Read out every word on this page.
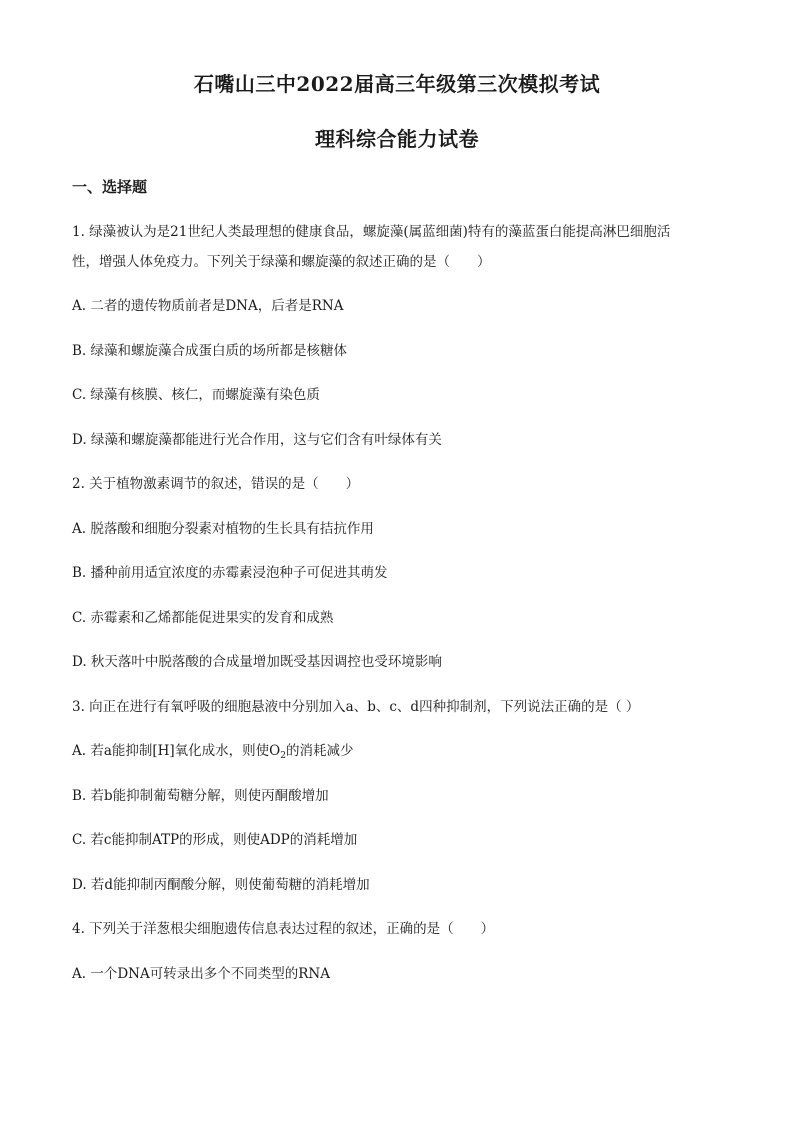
石嘴山三中2022届高三年级第三次模拟考试
理科综合能力试卷
一、选择题
1. 绿藻被认为是21世纪人类最理想的健康食品，螺旋藻(属蓝细菌)特有的藻蓝蛋白能提高淋巴细胞活
性，增强人体免疫力。下列关于绿藻和螺旋藻的叙述正确的是（　　）
A. 二者的遗传物质前者是DNA，后者是RNA
B. 绿藻和螺旋藻合成蛋白质的场所都是核糖体
C. 绿藻有核膜、核仁，而螺旋藻有染色质
D. 绿藻和螺旋藻都能进行光合作用，这与它们含有叶绿体有关
2. 关于植物激素调节的叙述，错误的是（　　）
A. 脱落酸和细胞分裂素对植物的生长具有拮抗作用
B. 播种前用适宜浓度的赤霉素浸泡种子可促进其萌发
C. 赤霉素和乙烯都能促进果实的发育和成熟
D. 秋天落叶中脱落酸的合成量增加既受基因调控也受环境影响
3. 向正在进行有氧呼吸的细胞悬液中分别加入a、b、c、d四种抑制剂，下列说法正确的是（ ）
A. 若a能抑制[H]氧化成水，则使$O_2$的消耗减少
B. 若b能抑制葡萄糖分解，则使丙酮酸增加
C. 若c能抑制ATP的形成，则使ADP的消耗增加
D. 若d能抑制丙酮酸分解，则使葡萄糖的消耗增加
4. 下列关于洋葱根尖细胞遗传信息表达过程的叙述，正确的是（　　）
A. 一个DNA可转录出多个不同类型的RNA
